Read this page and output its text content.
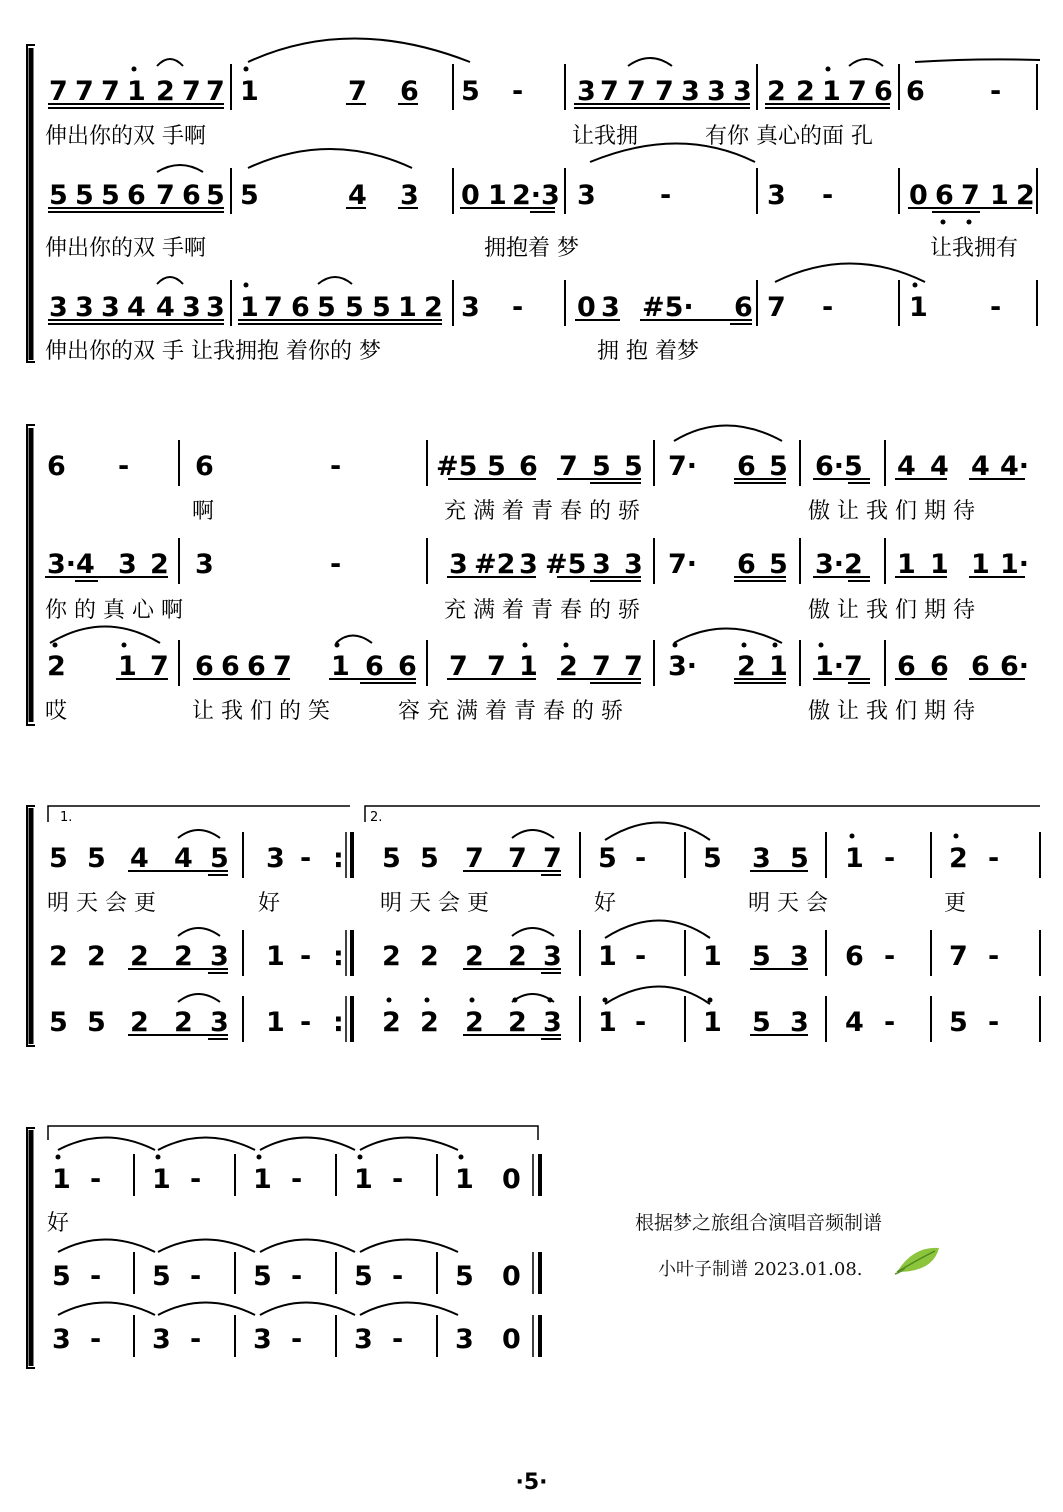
7 7 7 1 2 7 7 1	7 6 5 - 3 7 7 7 3 3 3 2 2 1 7 6 6 -
伸出你的双 手啊	让我拥	有你 真心的面 孔
5 5 5 6 7 6 5 5	4 3 0 1 2·3 3 -	3 -	0 6 7 1 2
伸出你的双 手啊	拥抱着 梦	让我拥有
3 3 3 4 4 3 3 1 7 6 5 5 5 1 2 3 - 0 3 #5· 6 7 -	1 -
伸出你的双 手 让我拥抱 着你的 梦	拥 抱 着梦
6 - 6	-	#5 5 6 7 5 5 7· 6 5 6·5 4 4 4 4·
啊	充 满 着 青 春 的 骄	傲 让 我 们 期 待
3·4 3 2 3	-	3 #2 3 #5 3 3 7· 6 5 3·2 1 1 1 1·
你 的 真 心 啊	充 满 着 青 春 的 骄	傲 让 我 们 期 待
2 1 7 6 6 6 7 1 6 6 7 7 1 2 7 7 3· 2 1 1·7 6 6 6 6·
哎	让 我 们 的 笑	容 充 满 着 青 春 的 骄	傲 让 我 们 期 待
1.	2.
5 5 4 4 5 3 - : 5 5 7 7 7 5 - 5 3 5 1 - 2 -
明 天 会 更	好	明 天 会 更	好	明 天 会	更
2 2 2 2 3 1 - : 2 2 2 2 3 1 - 1 5 3 6 - 7 -
5 5 2 2 3 1 - : 2 2 2 2 3 1 - 1 5 3 4 - 5 -
1 - 1 - 1 - 1 - 1 0
好
5 - 5 - 5 - 5 - 5 0
3 - 3 - 3 - 3 - 3 0
根据梦之旅组合演唱音频制谱
小叶子制谱 2023.01.08.
·5·
